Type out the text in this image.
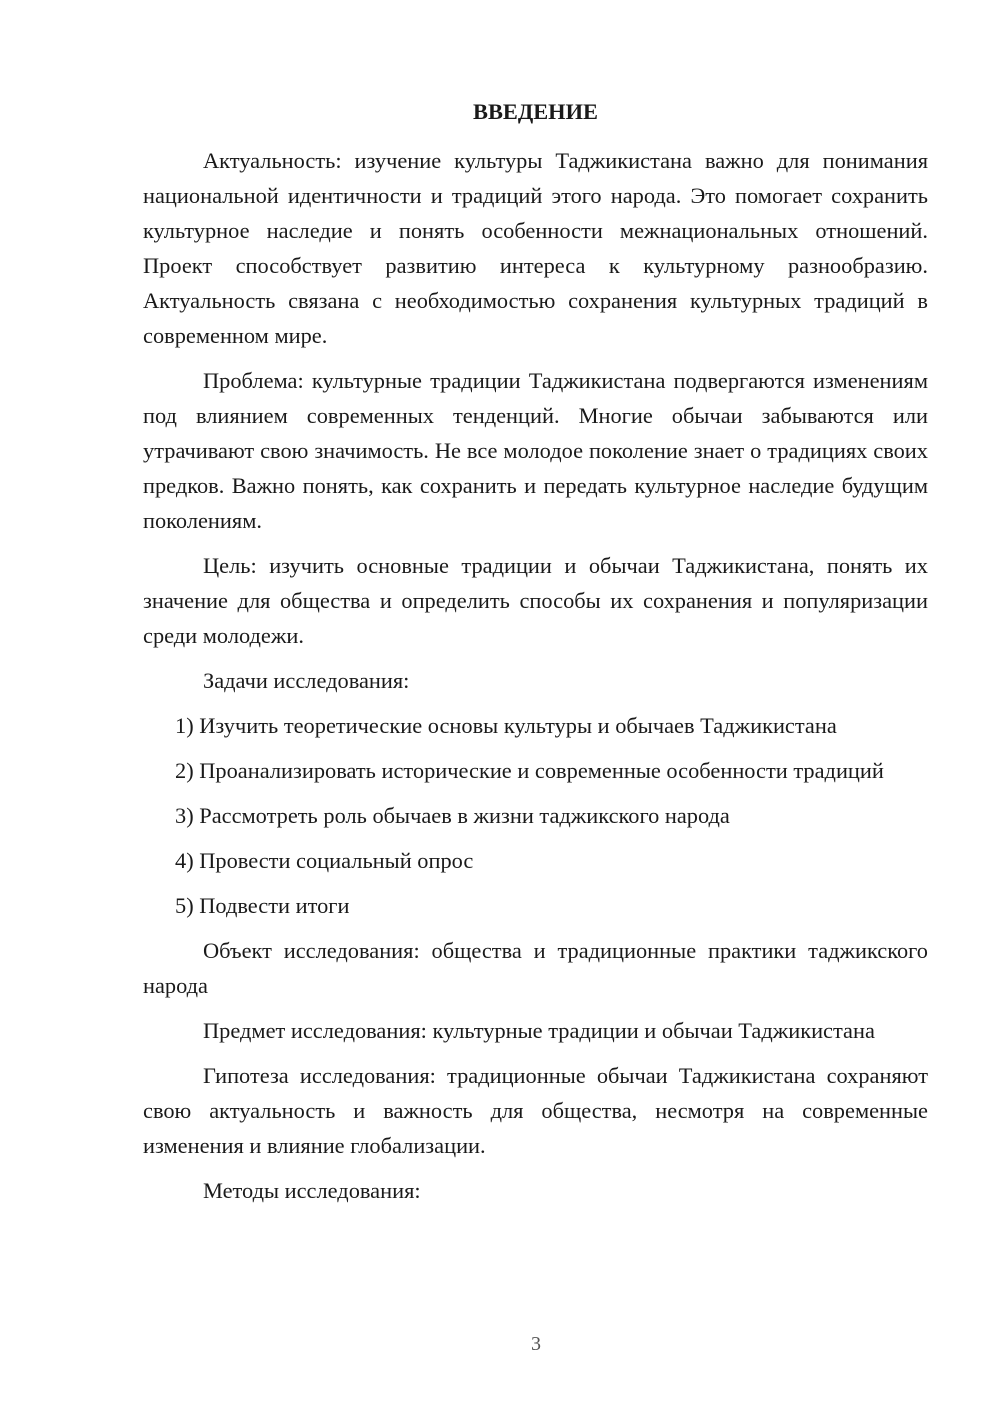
ВВЕДЕНИЕ

Актуальность: изучение культуры Таджикистана важно для понимания национальной идентичности и традиций этого народа. Это помогает сохранить культурное наследие и понять особенности межнациональных отношений. Проект способствует развитию интереса к культурному разнообразию. Актуальность связана с необходимостью сохранения культурных традиций в современном мире.

Проблема: культурные традиции Таджикистана подвергаются изменениям под влиянием современных тенденций. Многие обычаи забываются или утрачивают свою значимость. Не все молодое поколение знает о традициях своих предков. Важно понять, как сохранить и передать культурное наследие будущим поколениям.

Цель: изучить основные традиции и обычаи Таджикистана, понять их значение для общества и определить способы их сохранения и популяризации среди молодежи.

Задачи исследования:

1) Изучить теоретические основы культуры и обычаев Таджикистана

2) Проанализировать исторические и современные особенности традиций

3) Рассмотреть роль обычаев в жизни таджикского народа

4) Провести социальный опрос

5) Подвести итоги

Объект исследования: общества и традиционные практики таджикского народа

Предмет исследования: культурные традиции и обычаи Таджикистана

Гипотеза исследования: традиционные обычаи Таджикистана сохраняют свою актуальность и важность для общества, несмотря на современные изменения и влияние глобализации.

Методы исследования:

3
